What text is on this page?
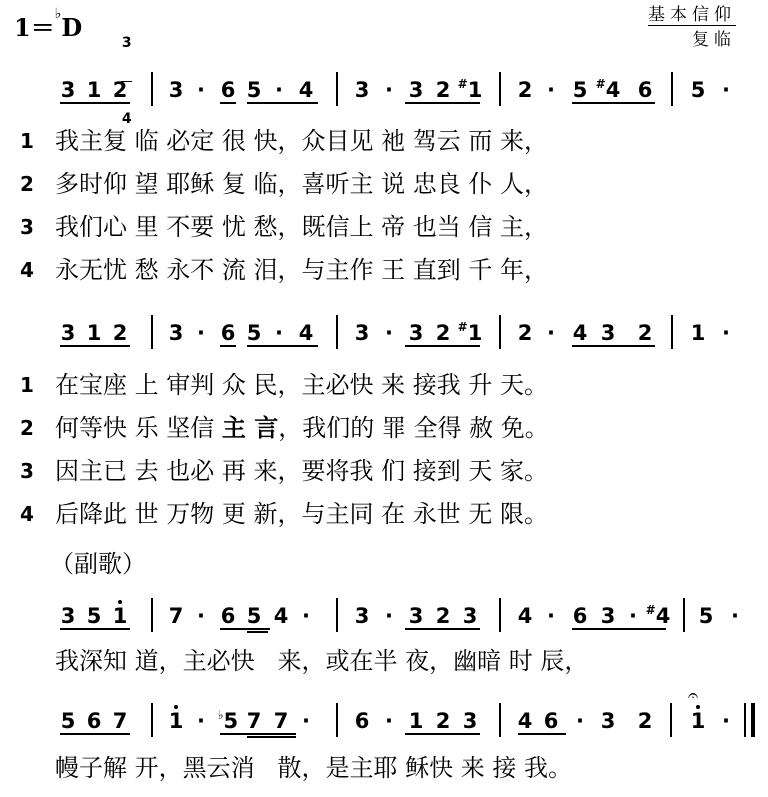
1＝♭D

3

4

基本信仰
复临
3 1 2 3 · 6 5 · 4 3 · 3 2 #1 2 · 5 #4 6 5 ·
3 1 2 3 · 6 5 · 4 3 · 3 2 #1 2 · 4 3 2 1 ·
3 5 1 7 · 6 5 4 · 3 · 3 2 3 4 · 6 3 · #4 5 ·
5 6 7 1 · ♭5 7 7 · 6 · 1 2 3 4 6 · 3 2 1 ·
1 我主复 临 必定 很 快，众目见 祂 驾云 而 来，
2 多时仰 望 耶稣 复 临，喜听主 说 忠良 仆 人，
3 我们心 里 不要 忧 愁，既信上 帝 也当 信 主，
4 永无忧 愁 永不 流 泪，与主作 王 直到 千 年，
1 在宝座 上 审判 众 民，主必快 来 接我 升 天。
2 何等快 乐 坚信 主 言，我们的 罪 全得 赦 免。
3 因主已 去 也必 再 来，要将我 们 接到 天 家。
4 后降此 世 万物 更 新，与主同 在 永世 无 限。
（副歌）
我深知 道，主必快   来，或在半 夜，幽暗 时 辰，
幔子解 开，黑云消   散，是主耶 稣快 来 接 我。
𝄐
